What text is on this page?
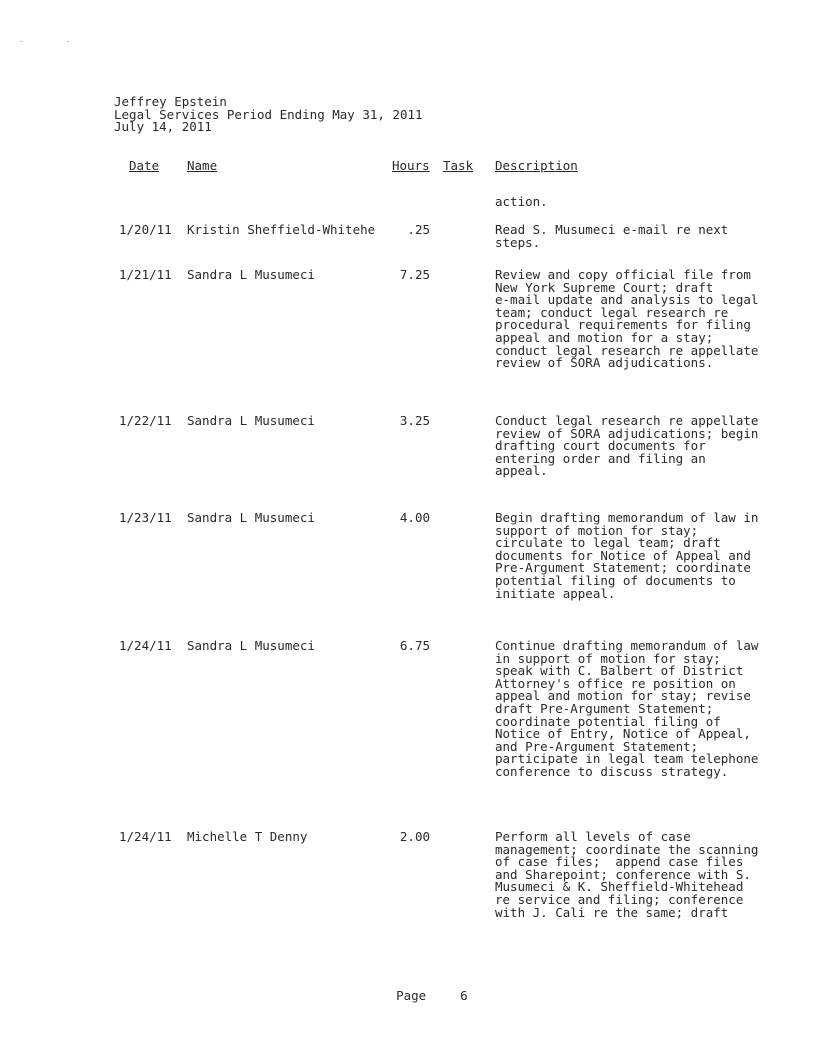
Jeffrey Epstein
Legal Services Period Ending May 31, 2011
July 14, 2011
Date Name	Hours Task Description
action.
1/20/11 Kristin Sheffield-Whitehe	.25	Read S. Musumeci e-mail re next
steps.
1/21/11 Sandra L Musumeci	7.25	Review and copy official file from
New York Supreme Court; draft
e-mail update and analysis to legal
team; conduct legal research re
procedural requirements for filing
appeal and motion for a stay;
conduct legal research re appellate
review of SORA adjudications.
1/22/11 Sandra L Musumeci	3.25	Conduct legal research re appellate
review of SORA adjudications; begin
drafting court documents for
entering order and filing an
appeal.
1/23/11 Sandra L Musumeci	4.00	Begin drafting memorandum of law in
support of motion for stay;
circulate to legal team; draft
documents for Notice of Appeal and
Pre-Argument Statement; coordinate
potential filing of documents to
initiate appeal.
1/24/11 Sandra L Musumeci	6.75	Continue drafting memorandum of law
in support of motion for stay;
speak with C. Balbert of District
Attorney's office re position on
appeal and motion for stay; revise
draft Pre-Argument Statement;
coordinate potential filing of
Notice of Entry, Notice of Appeal,
and Pre-Argument Statement;
participate in legal team telephone
conference to discuss strategy.
1/24/11 Michelle T Denny	2.00	Perform all levels of case
management; coordinate the scanning
of case files;  append case files
and Sharepoint; conference with S.
Musumeci & K. Sheffield-Whitehead
re service and filing; conference
with J. Cali re the same; draft

Page	6
